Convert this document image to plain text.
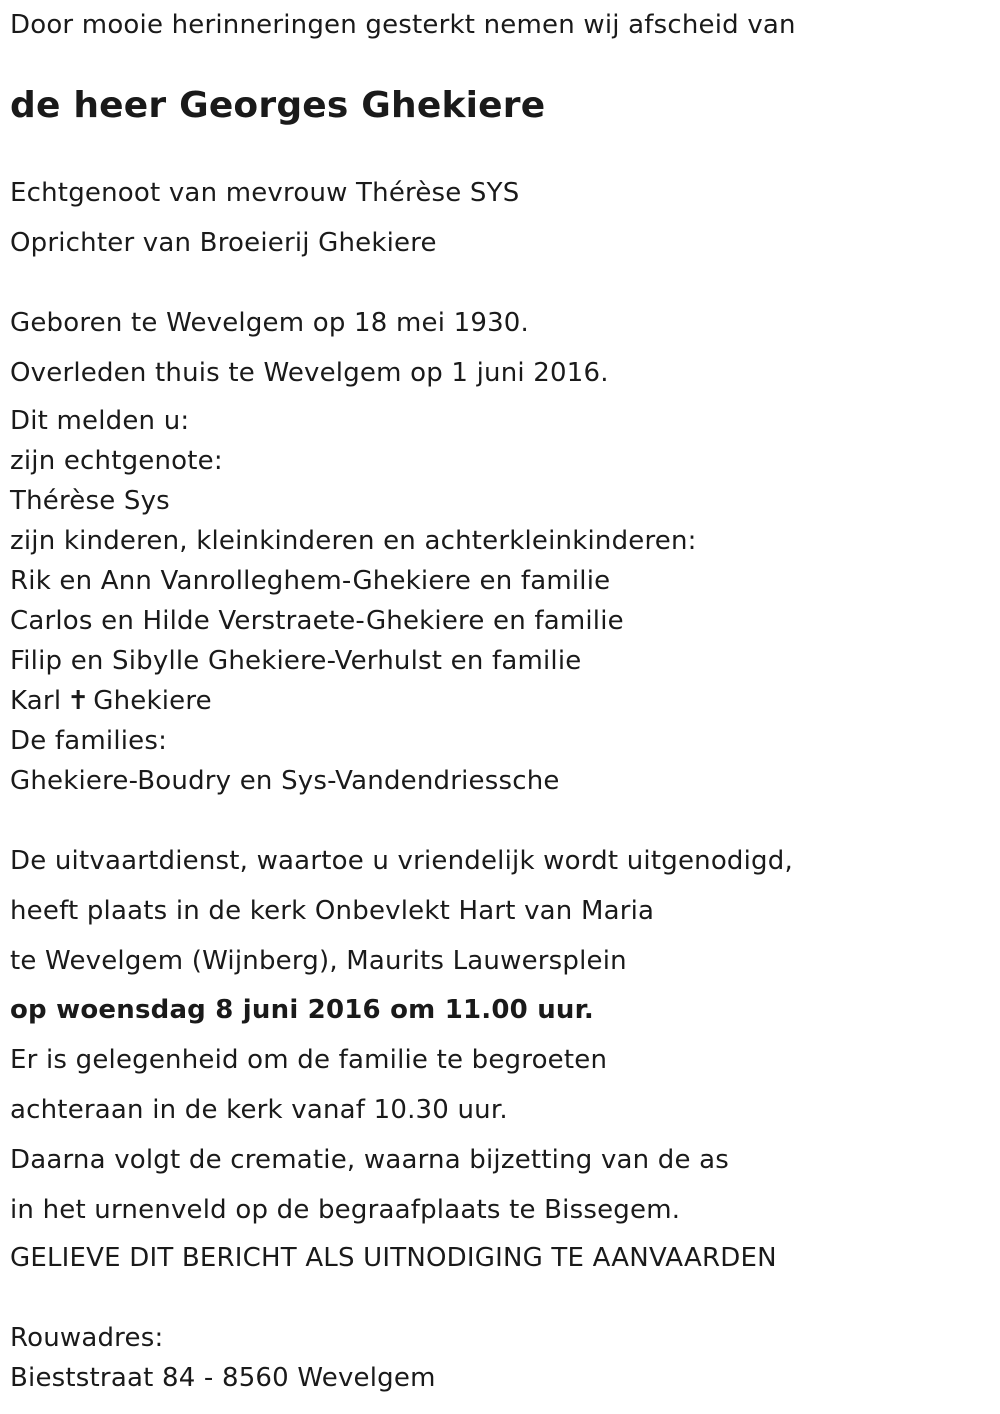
Door mooie herinneringen gesterkt nemen wij afscheid van

de heer Georges Ghekiere

Echtgenoot van mevrouw Thérèse SYS

Oprichter van Broeierij Ghekiere

Geboren te Wevelgem op 18 mei 1930.

Overleden thuis te Wevelgem op 1 juni 2016.

Dit melden u:

zijn echtgenote:

Thérèse Sys

zijn kinderen, kleinkinderen en achterkleinkinderen:

Rik en Ann Vanrolleghem-Ghekiere en familie

Carlos en Hilde Verstraete-Ghekiere en familie

Filip en Sibylle Ghekiere-Verhulst en familie

Karl ✝ Ghekiere

De families:

Ghekiere-Boudry en Sys-Vandendriessche

De uitvaartdienst, waartoe u vriendelijk wordt uitgenodigd,

heeft plaats in de kerk Onbevlekt Hart van Maria

te Wevelgem (Wijnberg), Maurits Lauwersplein

op woensdag 8 juni 2016 om 11.00 uur.

Er is gelegenheid om de familie te begroeten

achteraan in de kerk vanaf 10.30 uur.

Daarna volgt de crematie, waarna bijzetting van de as

in het urnenveld op de begraafplaats te Bissegem.

GELIEVE DIT BERICHT ALS UITNODIGING TE AANVAARDEN

Rouwadres:

Bieststraat 84 - 8560 Wevelgem
